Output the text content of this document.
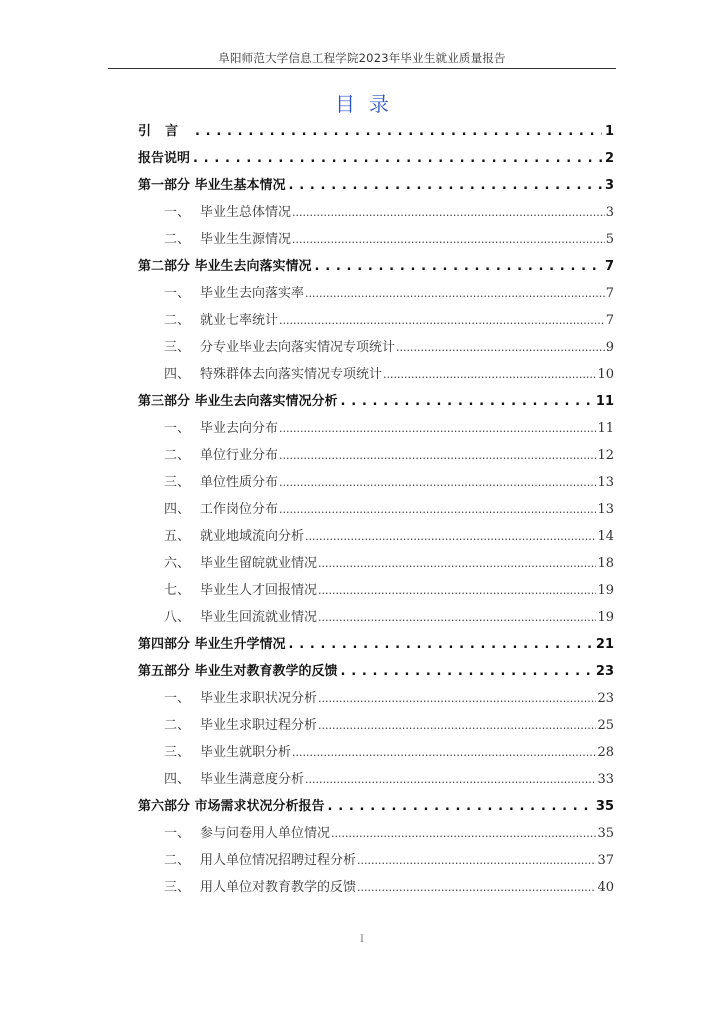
阜阳师范大学信息工程学院2023年毕业生就业质量报告
目录
引言 . . .	1
报告说明 . . .	2
第一部分 毕业生基本情况 . . .	3
一、 毕业生总体情况 .....	3
二、 毕业生生源情况 .....	5
第二部分 毕业生去向落实情况 . . .	7
一、 毕业生去向落实率 .....	7
二、 就业七率统计 .....	7
三、 分专业毕业去向落实情况专项统计 .....	9
四、 特殊群体去向落实情况专项统计 .....	10
第三部分 毕业生去向落实情况分析 . . .	11
一、 毕业去向分布 .....	11
二、 单位行业分布 .....	12
三、 单位性质分布 .....	13
四、 工作岗位分布 .....	13
五、 就业地域流向分析 .....	14
六、 毕业生留皖就业情况 .....	18
七、 毕业生人才回报情况 .....	19
八、 毕业生回流就业情况 .....	19
第四部分 毕业生升学情况 . . .	21
第五部分 毕业生对教育教学的反馈 . . .	23
一、 毕业生求职状况分析 .....	23
二、 毕业生求职过程分析 .....	25
三、 毕业生就职分析 .....	28
四、 毕业生满意度分析 .....	33
第六部分 市场需求状况分析报告 . . .	35
一、 参与问卷用人单位情况 .....	35
二、 用人单位情况招聘过程分析 .....	37
三、 用人单位对教育教学的反馈 .....	40
I
